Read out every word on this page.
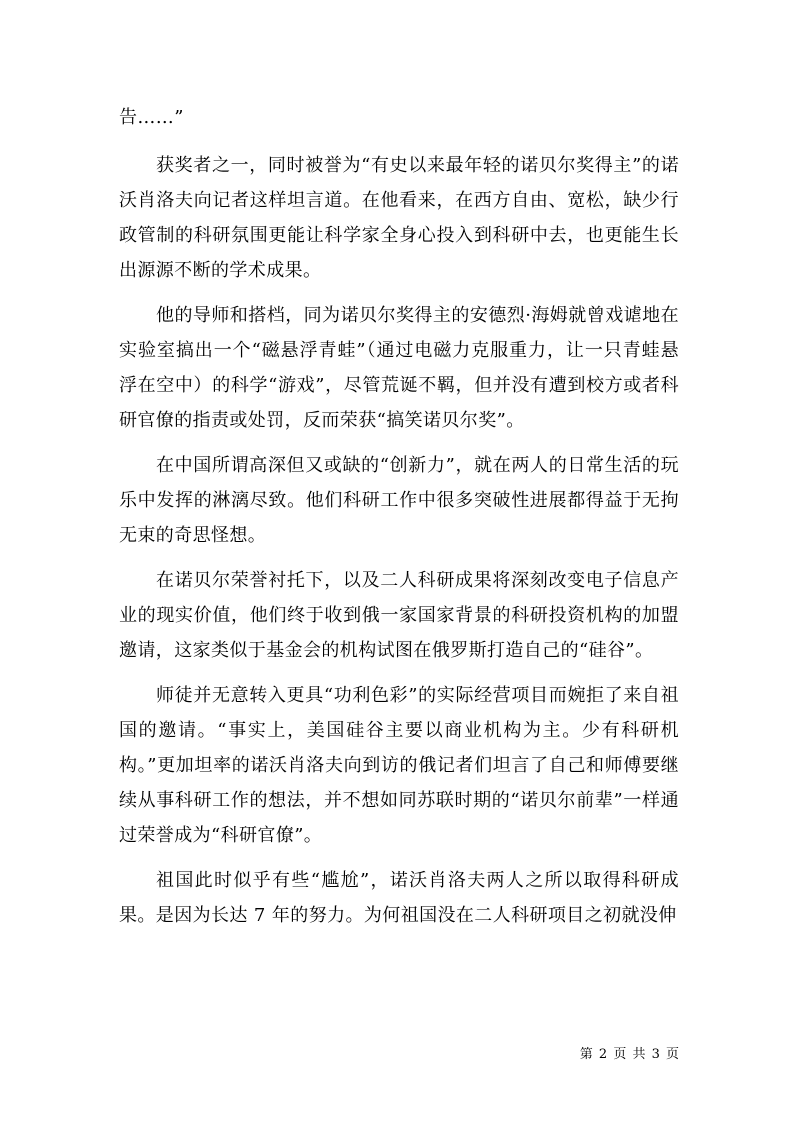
告……”

获奖者之一，同时被誉为“有史以来最年轻的诺贝尔奖得主”的诺沃肖洛夫向记者这样坦言道。在他看来，在西方自由、宽松，缺少行政管制的科研氛围更能让科学家全身心投入到科研中去，也更能生长出源源不断的学术成果。

他的导师和搭档，同为诺贝尔奖得主的安德烈·海姆就曾戏谑地在实验室搞出一个“磁悬浮青蛙”（通过电磁力克服重力，让一只青蛙悬浮在空中）的科学“游戏”，尽管荒诞不羁，但并没有遭到校方或者科研官僚的指责或处罚，反而荣获“搞笑诺贝尔奖”。

在中国所谓高深但又或缺的“创新力”，就在两人的日常生活的玩乐中发挥的淋漓尽致。他们科研工作中很多突破性进展都得益于无拘无束的奇思怪想。

在诺贝尔荣誉衬托下，以及二人科研成果将深刻改变电子信息产业的现实价值，他们终于收到俄一家国家背景的科研投资机构的加盟邀请，这家类似于基金会的机构试图在俄罗斯打造自己的“硅谷”。

师徒并无意转入更具“功利色彩”的实际经营项目而婉拒了来自祖国的邀请。“事实上，美国硅谷主要以商业机构为主。少有科研机构。”更加坦率的诺沃肖洛夫向到访的俄记者们坦言了自己和师傅要继续从事科研工作的想法，并不想如同苏联时期的“诺贝尔前辈”一样通过荣誉成为“科研官僚”。

祖国此时似乎有些“尴尬”，诺沃肖洛夫两人之所以取得科研成果。是因为长达 7 年的努力。为何祖国没在二人科研项目之初就没伸

第 2 页 共 3 页
